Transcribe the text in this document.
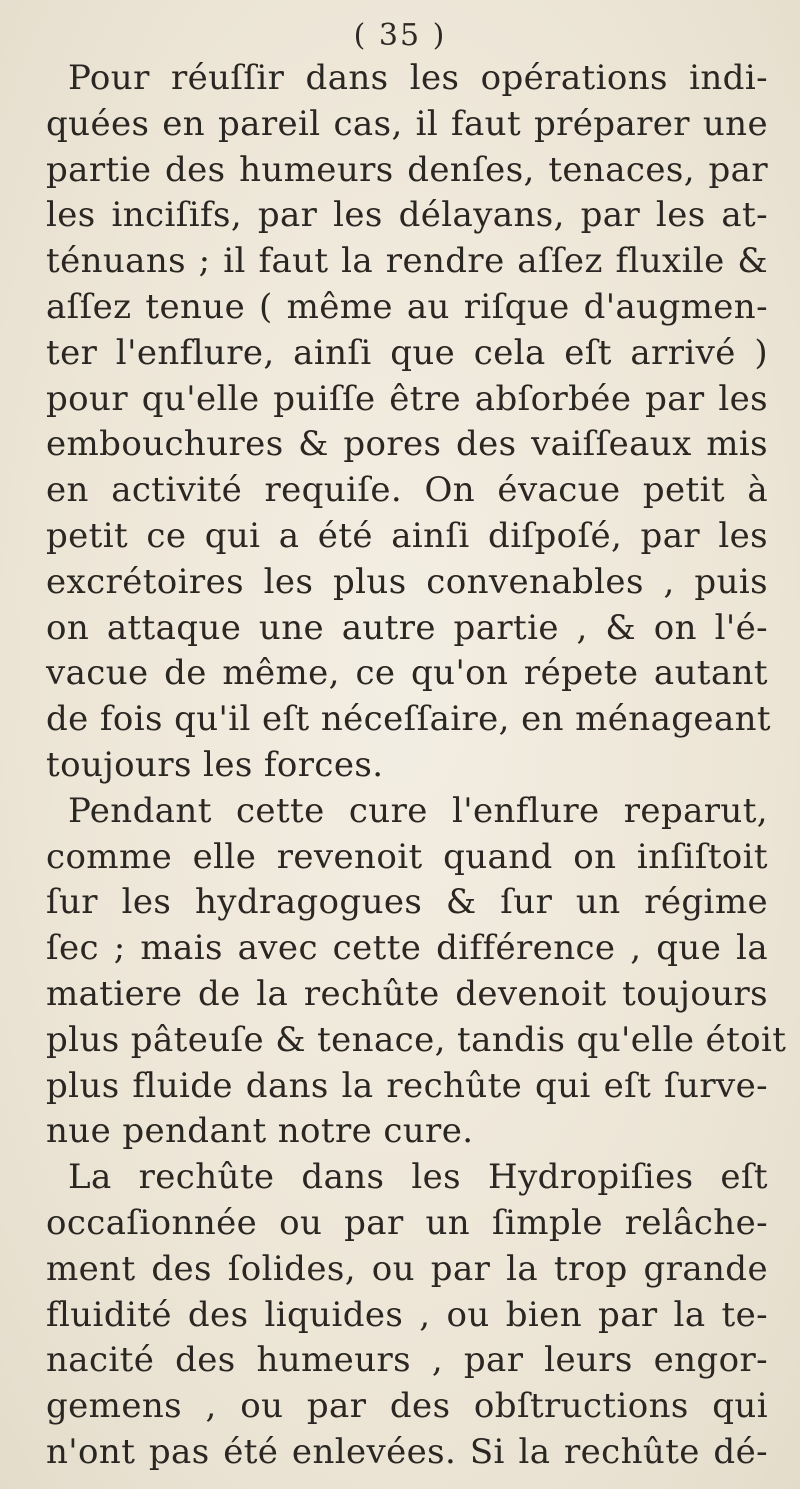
( 35 )
Pour réuſſir dans les opérations indi-
quées en pareil cas, il faut préparer une
partie des humeurs denſes, tenaces, par
les inciſifs, par les délayans, par les at-
ténuans ; il faut la rendre aſſez fluxile &
aſſez tenue ( même au riſque d'augmen-
ter l'enflure, ainſi que cela eſt arrivé )
pour qu'elle puiſſe être abſorbée par les
embouchures & pores des vaiſſeaux mis
en activité requiſe. On évacue petit à
petit ce qui a été ainſi diſpoſé, par les
excrétoires les plus convenables , puis
on attaque une autre partie , & on l'é-
vacue de même, ce qu'on répete autant
de fois qu'il eſt néceſſaire, en ménageant
toujours les forces.
Pendant cette cure l'enflure reparut,
comme elle revenoit quand on inſiſtoit
ſur les hydragogues & ſur un régime
ſec ; mais avec cette différence , que la
matiere de la rechûte devenoit toujours
plus pâteuſe & tenace, tandis qu'elle étoit
plus fluide dans la rechûte qui eſt ſurve-
nue pendant notre cure.
La rechûte dans les Hydropiſies eſt
occaſionnée ou par un ſimple relâche-
ment des ſolides, ou par la trop grande
fluidité des liquides , ou bien par la te-
nacité des humeurs , par leurs engor-
gemens , ou par des obſtructions qui
n'ont pas été enlevées. Si la rechûte dé-
